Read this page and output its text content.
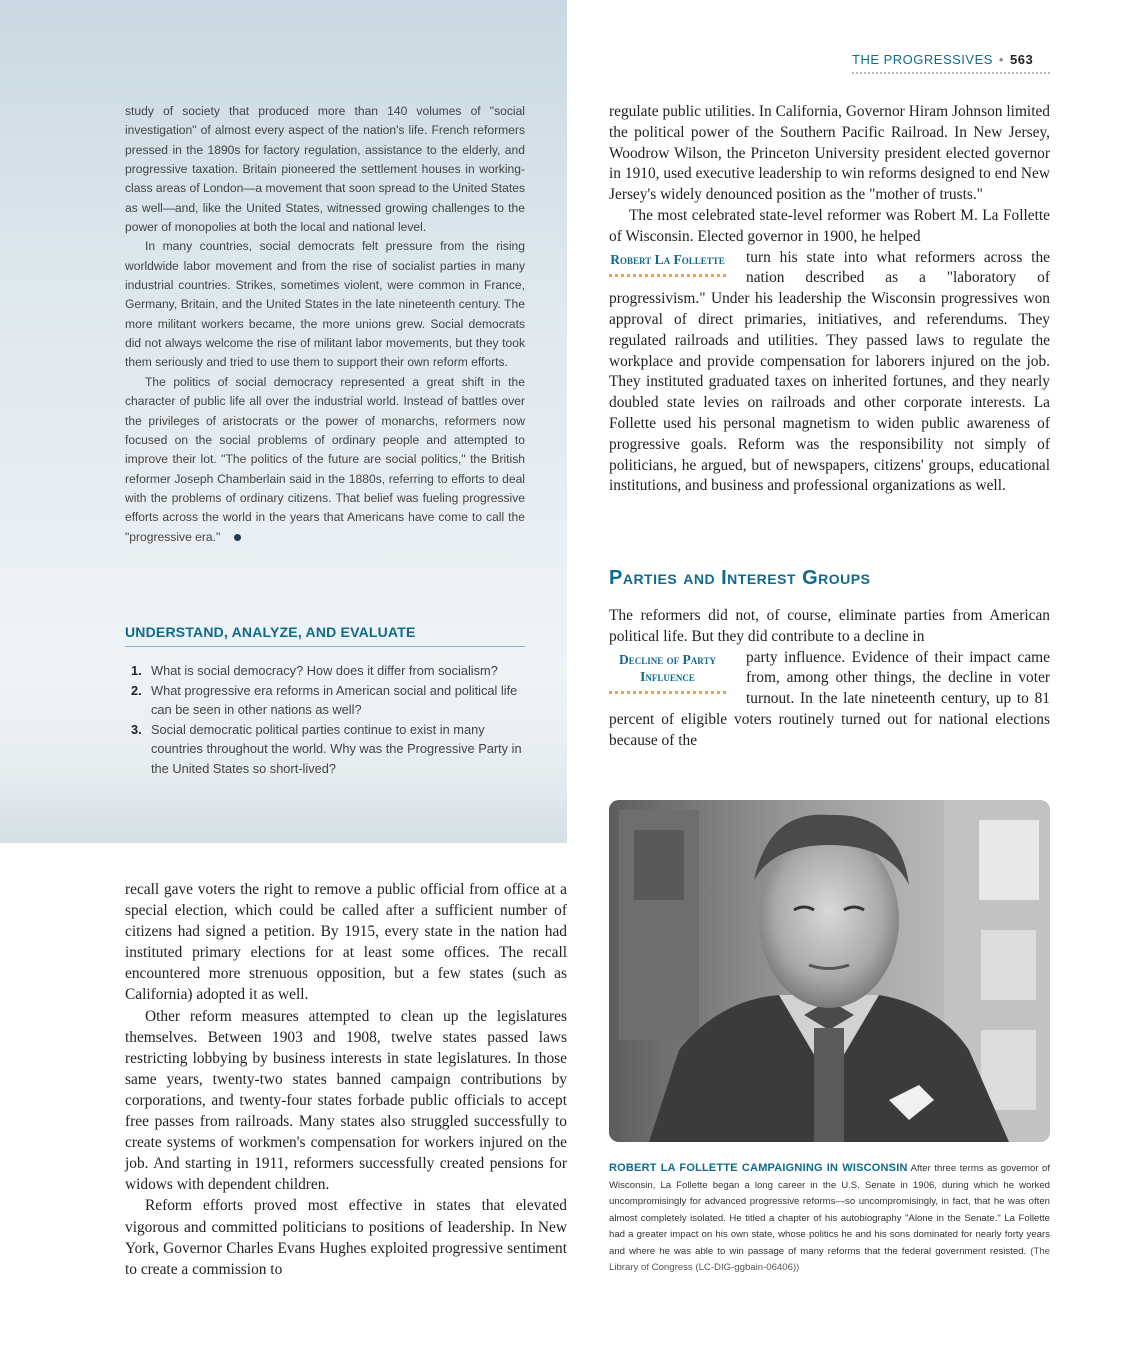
THE PROGRESSIVES • 563

study of society that produced more than 140 volumes of "social investigation" of almost every aspect of the nation's life. French reformers pressed in the 1890s for factory regulation, assistance to the elderly, and progressive taxation. Britain pioneered the settlement houses in working-class areas of London—a movement that soon spread to the United States as well—and, like the United States, witnessed growing challenges to the power of monopolies at both the local and national level.

In many countries, social democrats felt pressure from the rising worldwide labor movement and from the rise of socialist parties in many industrial countries. Strikes, sometimes violent, were common in France, Germany, Britain, and the United States in the late nineteenth century. The more militant workers became, the more unions grew. Social democrats did not always welcome the rise of militant labor movements, but they took them seriously and tried to use them to support their own reform efforts.

The politics of social democracy represented a great shift in the character of public life all over the industrial world. Instead of battles over the privileges of aristocrats or the power of monarchs, reformers now focused on the social problems of ordinary people and attempted to improve their lot. "The politics of the future are social politics," the British reformer Joseph Chamberlain said in the 1880s, referring to efforts to deal with the problems of ordinary citizens. That belief was fueling progressive efforts across the world in the years that Americans have come to call the "progressive era."

UNDERSTAND, ANALYZE, AND EVALUATE
1. What is social democracy? How does it differ from socialism?
2. What progressive era reforms in American social and political life can be seen in other nations as well?
3. Social democratic political parties continue to exist in many countries throughout the world. Why was the Progressive Party in the United States so short-lived?

regulate public utilities. In California, Governor Hiram Johnson limited the political power of the Southern Pacific Railroad. In New Jersey, Woodrow Wilson, the Princeton University president elected governor in 1910, used executive leadership to win reforms designed to end New Jersey's widely denounced position as the "mother of trusts."

The most celebrated state-level reformer was Robert M. La Follette of Wisconsin. Elected governor in 1900, he helped

Robert La Follette turn his state into what reformers across the nation described as a "laboratory of progressivism." Under his leadership the Wisconsin progressives won approval of direct primaries, initiatives, and referendums. They regulated railroads and utilities. They passed laws to regulate the workplace and provide compensation for laborers injured on the job. They instituted graduated taxes on inherited fortunes, and they nearly doubled state levies on railroads and other corporate interests. La Follette used his personal magnetism to widen public awareness of progressive goals. Reform was the responsibility not simply of politicians, he argued, but of newspapers, citizens' groups, educational institutions, and business and professional organizations as well.

Parties and Interest Groups

The reformers did not, of course, eliminate parties from American political life. But they did contribute to a decline in

Decline of Party Influence
party influence. Evidence of their impact came from, among other things, the decline in voter turnout. In the late nineteenth century, up to 81 percent of eligible voters routinely turned out for national elections because of the

ROBERT LA FOLLETTE CAMPAIGNING IN WISCONSIN After three terms as governor of Wisconsin, La Follette began a long career in the U.S. Senate in 1906, during which he worked uncompromisingly for advanced progressive reforms—so uncompromisingly, in fact, that he was often almost completely isolated. He titled a chapter of his autobiography "Alone in the Senate." La Follette had a greater impact on his own state, whose politics he and his sons dominated for nearly forty years and where he was able to win passage of many reforms that the federal government resisted. (The Library of Congress (LC-DIG-ggbain-06406))

recall gave voters the right to remove a public official from office at a special election, which could be called after a sufficient number of citizens had signed a petition. By 1915, every state in the nation had instituted primary elections for at least some offices. The recall encountered more strenuous opposition, but a few states (such as California) adopted it as well.

Other reform measures attempted to clean up the legislatures themselves. Between 1903 and 1908, twelve states passed laws restricting lobbying by business interests in state legislatures. In those same years, twenty-two states banned campaign contributions by corporations, and twenty-four states forbade public officials to accept free passes from railroads. Many states also struggled successfully to create systems of workmen's compensation for workers injured on the job. And starting in 1911, reformers successfully created pensions for widows with dependent children.

Reform efforts proved most effective in states that elevated vigorous and committed politicians to positions of leadership. In New York, Governor Charles Evans Hughes exploited progressive sentiment to create a commission to
